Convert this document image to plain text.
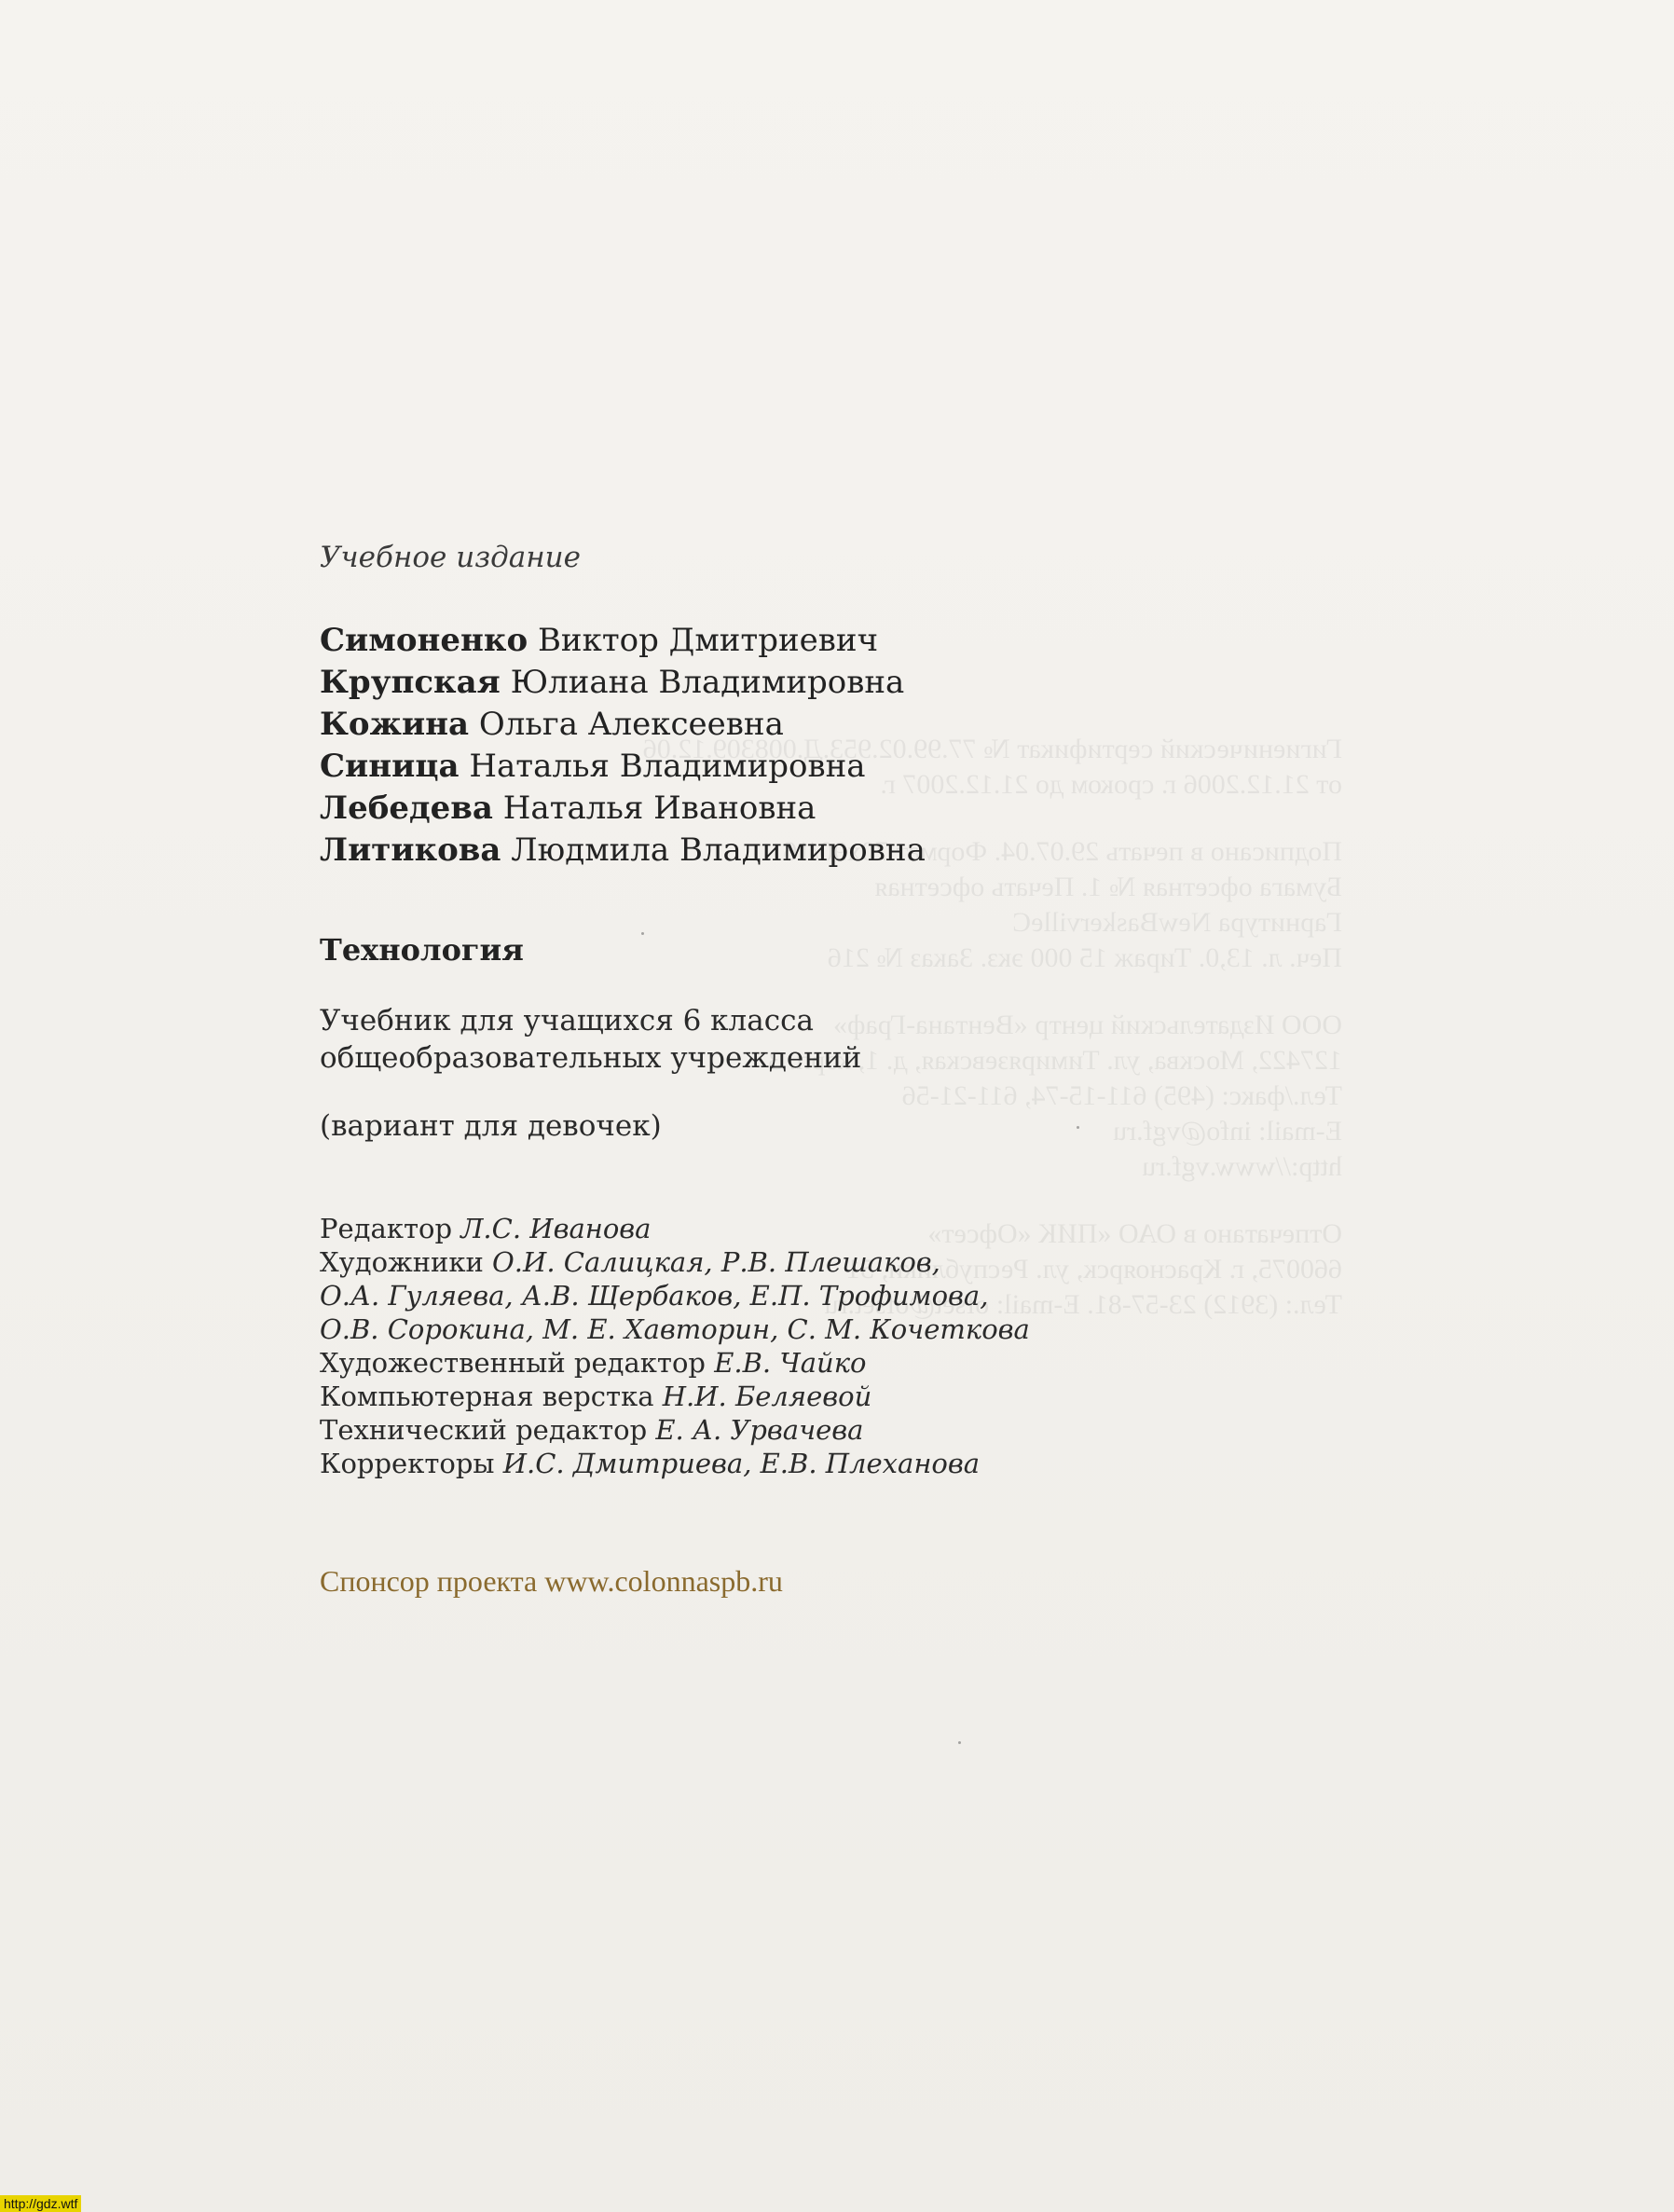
Гигиенический сертификат № 77.99.02.953.Д.008309.12.06
от 21.12.2006 г. сроком до 21.12.2007 г.
Подписано в печать 29.07.04. Формат 70х90/16
Бумага офсетная № 1. Печать офсетная
Гарнитура NewBaskervilleC
Печ. л. 13,0. Тираж 15 000 экз. Заказ № 216
ООО Издательский центр «Вентана-Граф»
127422, Москва, ул. Тимирязевская, д. 1, корп. 3
Тел./факс: (495) 611-15-74, 611-21-56
E-mail: info@vgf.ru
http://www.vgf.ru
Отпечатано в ОАО «ПИК «Офсет»
660075, г. Красноярск, ул. Республики, 51
Тел.: (3912) 23-57-81. E-mail: ofset@ofset.ru
Учебное издание
Симоненко Виктор Дмитриевич
Крупская Юлиана Владимировна
Кожина Ольга Алексеевна
Синица Наталья Владимировна
Лебедева Наталья Ивановна
Литикова Людмила Владимировна
Технология
Учебник для учащихся 6 класса
общеобразовательных учреждений
(вариант для девочек)
Редактор Л.С. Иванова
Художники О.И. Салицкая, Р.В. Плешаков,
О.А. Гуляева, А.В. Щербаков, Е.П. Трофимова,
О.В. Сорокина, М. Е. Хавторин, С. М. Кочеткова
Художественный редактор Е.В. Чайко
Компьютерная верстка Н.И. Беляевой
Технический редактор Е. А. Урвачева
Корректоры И.С. Дмитриева, Е.В. Плеханова
Спонсор проекта www.colonnaspb.ru
http://gdz.wtf
